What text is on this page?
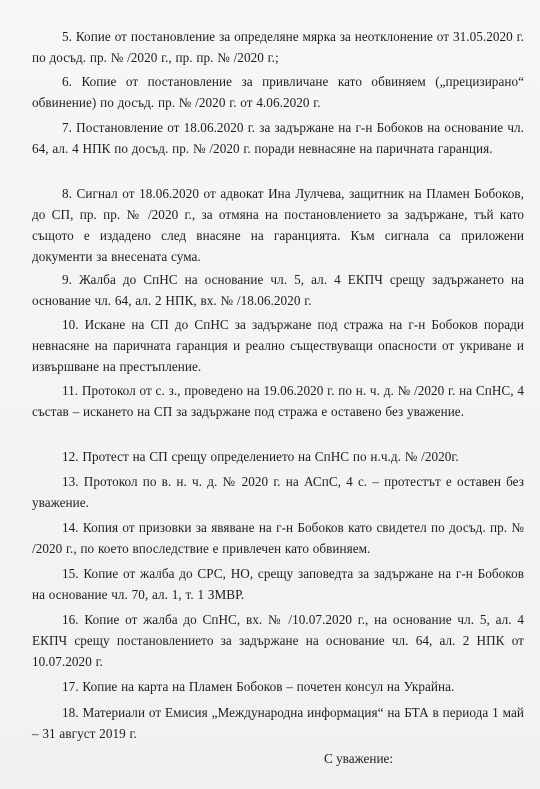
5. Копие от постановление за определяне мярка за неотклонение от 31.05.2020 г. по досъд. пр. № /2020 г., пр. пр. № /2020 г.;

6. Копие от постановление за привличане като обвиняем („прецизирано“ обвинение) по досъд. пр. № /2020 г. от 4.06.2020 г.

7. Постановление от 18.06.2020 г. за задържане на г-н Бобоков на основание чл. 64, ал. 4 НПК по досъд. пр. № /2020 г. поради невнасяне на паричната гаранция.

8. Сигнал от 18.06.2020 от адвокат Ина Лулчева, защитник на Пламен Бобоков, до СП, пр. пр. № /2020 г., за отмяна на постановлението за задържане, тъй като същото е издадено след внасяне на гаранцията. Към сигнала са приложени документи за внесената сума.

9. Жалба до СпНС на основание чл. 5, ал. 4 ЕКПЧ срещу задържането на основание чл. 64, ал. 2 НПК, вх. № /18.06.2020 г.

10. Искане на СП до СпНС за задържане под стража на г-н Бобоков поради невнасяне на паричната гаранция и реално съществуващи опасности от укриване и извършване на престъпление.

11. Протокол от с. з., проведено на 19.06.2020 г. по н. ч. д. № /2020 г. на СпНС, 4 състав – искането на СП за задържане под стража е оставено без уважение.

12. Протест на СП срещу определението на СпНС по н.ч.д. № /2020г.

13. Протокол по в. н. ч. д. № 2020 г. на АСпС, 4 с. – протестът е оставен без уважение.

14. Копия от призовки за явяване на г-н Бобоков като свидетел по досъд. пр. № /2020 г., по което впоследствие е привлечен като обвиняем.

15. Копие от жалба до СРС, НО, срещу заповедта за задържане на г-н Бобоков на основание чл. 70, ал. 1, т. 1 ЗМВР.

16. Копие от жалба до СпНС, вх. № /10.07.2020 г., на основание чл. 5, ал. 4 ЕКПЧ срещу постановлението за задържане на основание чл. 64, ал. 2 НПК от 10.07.2020 г.

17. Копие на карта на Пламен Бобоков – почетен консул на Украйна.

18. Материали от Емисия „Международна информация“ на БТА в периода 1 май – 31 август 2019 г.

С уважение:
